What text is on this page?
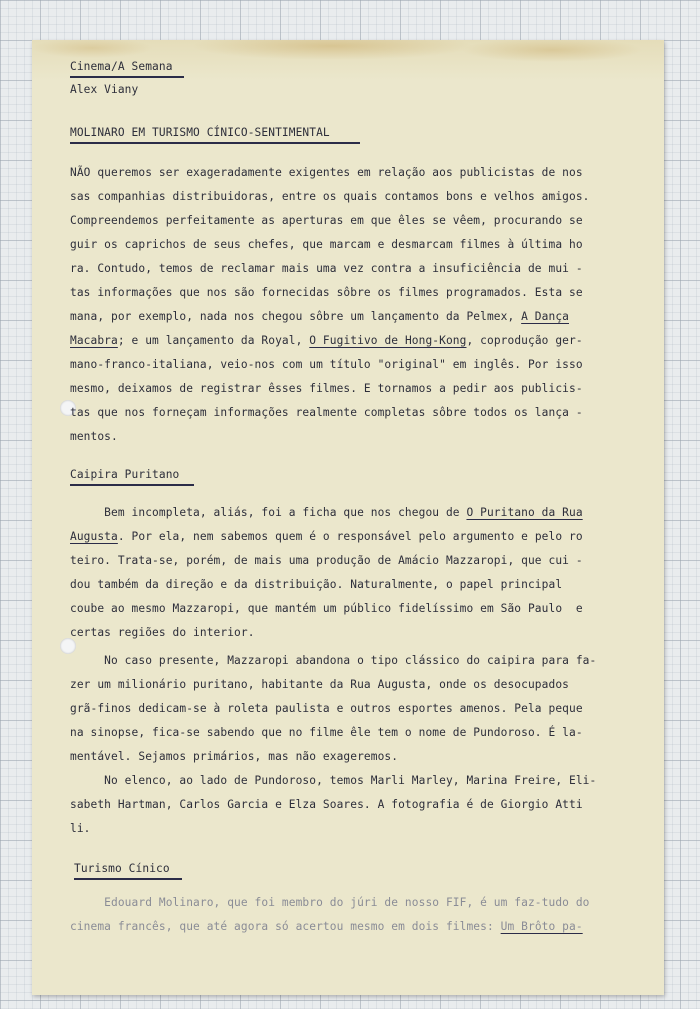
Cinema/A Semana
Alex Viany
MOLINARO EM TURISMO CÍNICO-SENTIMENTAL
NÃO queremos ser exageradamente exigentes em relação aos publicistas de nos
sas companhias distribuidoras, entre os quais contamos bons e velhos amigos.
Compreendemos perfeitamente as aperturas em que êles se vêem, procurando se
guir os caprichos de seus chefes, que marcam e desmarcam filmes à última ho
ra. Contudo, temos de reclamar mais uma vez contra a insuficiência de mui -
tas informações que nos são fornecidas sôbre os filmes programados. Esta se
mana, por exemplo, nada nos chegou sôbre um lançamento da Pelmex, A Dança
Macabra; e um lançamento da Royal, O Fugitivo de Hong-Kong, coprodução ger-
mano-franco-italiana, veio-nos com um título "original" em inglês. Por isso
mesmo, deixamos de registrar êsses filmes. E tornamos a pedir aos publicis-
tas que nos forneçam informações realmente completas sôbre todos os lança -
mentos.
Caipira Puritano
Bem incompleta, aliás, foi a ficha que nos chegou de O Puritano da Rua
Augusta. Por ela, nem sabemos quem é o responsável pelo argumento e pelo ro
teiro. Trata-se, porém, de mais uma produção de Amácio Mazzaropi, que cui -
dou também da direção e da distribuição. Naturalmente, o papel principal
coube ao mesmo Mazzaropi, que mantém um público fidelíssimo em São Paulo  e
certas regiões do interior.
No caso presente, Mazzaropi abandona o tipo clássico do caipira para fa-
zer um milionário puritano, habitante da Rua Augusta, onde os desocupados
grã-finos dedicam-se à roleta paulista e outros esportes amenos. Pela peque
na sinopse, fica-se sabendo que no filme êle tem o nome de Pundoroso. É la-
mentável. Sejamos primários, mas não exageremos.
No elenco, ao lado de Pundoroso, temos Marli Marley, Marina Freire, Eli-
sabeth Hartman, Carlos Garcia e Elza Soares. A fotografia é de Giorgio Atti
li.
Turismo Cínico
Edouard Molinaro, que foi membro do júri de nosso FIF, é um faz-tudo do
cinema francês, que até agora só acertou mesmo em dois filmes: Um Brôto pa-
